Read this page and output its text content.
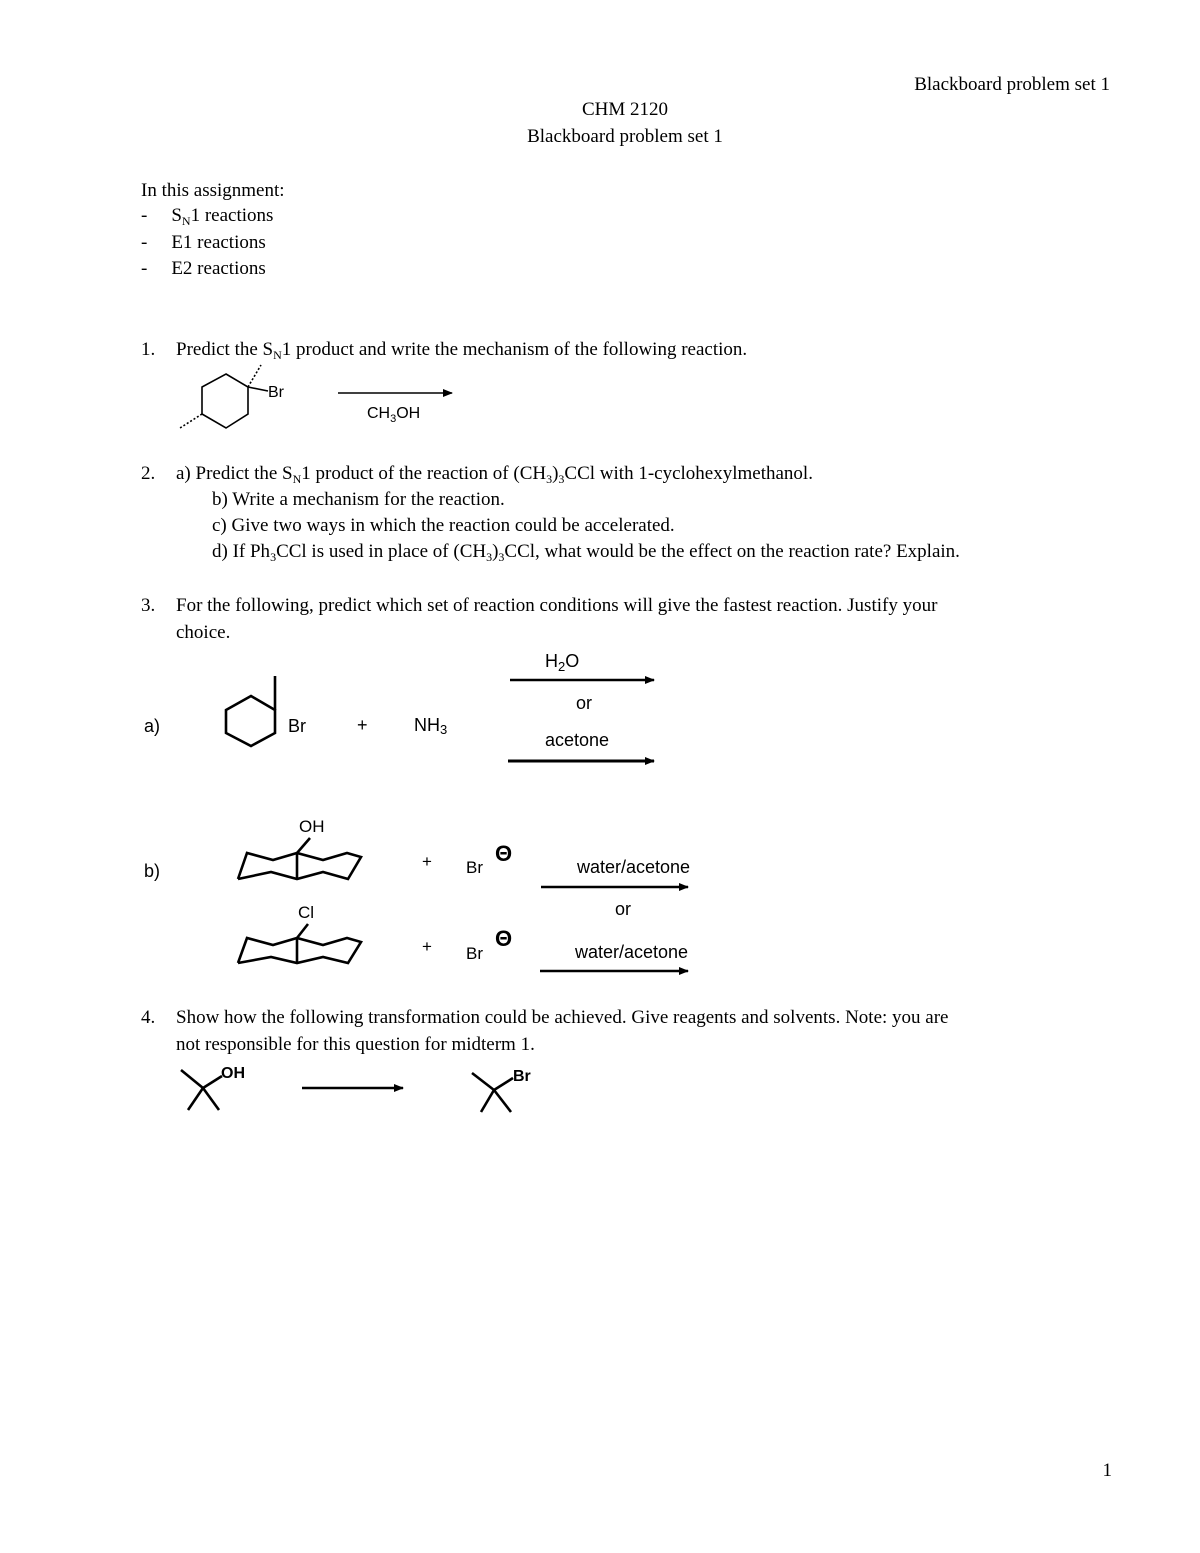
Blackboard problem set 1
CHM 2120
Blackboard problem set 1
In this assignment:
- $S_N1$ reactions
- E1 reactions
- E2 reactions
1. Predict the $S_N1$ product and write the mechanism of the following reaction.
2. a) Predict the $S_N1$ product of the reaction of $(CH_3)_3CCl$ with 1-cyclohexylmethanol.
b) Write a mechanism for the reaction.
c) Give two ways in which the reaction could be accelerated.
d) If $Ph_3CCl$ is used in place of $(CH_3)_3CCl$, what would be the effect on the reaction rate? Explain.
3. For the following, predict which set of reaction conditions will give the fastest reaction. Justify your
choice.
4. Show how the following transformation could be achieved. Give reagents and solvents. Note: you are
not responsible for this question for midterm 1.
1
Br
$CH_3OH$
a)	Br	+	NH3
$H_2O$
or
acetone
b)
OH
+ Br
Θ
water/acetone
or
Cl
+ Br
Θ
water/acetone
OH	Br
